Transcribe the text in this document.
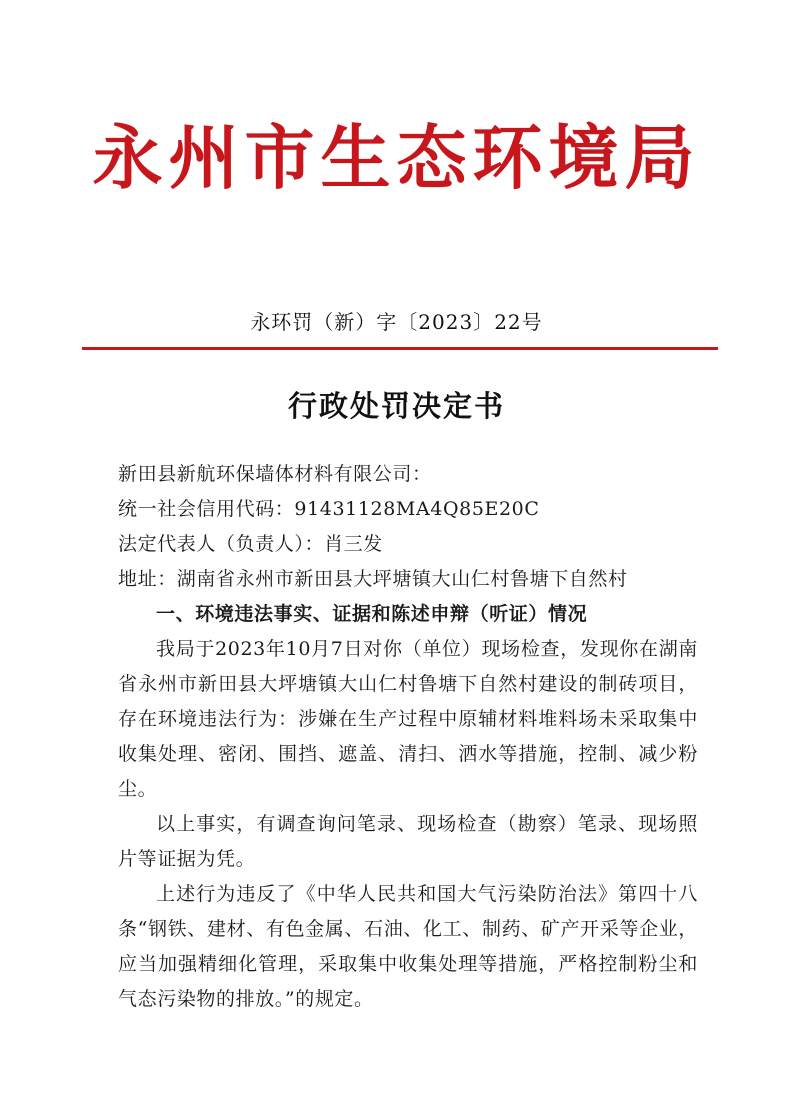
永州市生态环境局
永环罚（新）字〔2023〕22号
行政处罚决定书

新田县新航环保墙体材料有限公司：

统一社会信用代码：91431128MA4Q85E20C

法定代表人（负责人）：肖三发

地址：湖南省永州市新田县大坪塘镇大山仁村鲁塘下自然村

一、环境违法事实、证据和陈述申辩（听证）情况

我局于2023年10月7日对你（单位）现场检查，发现你在湖南省永州市新田县大坪塘镇大山仁村鲁塘下自然村建设的制砖项目，存在环境违法行为：涉嫌在生产过程中原辅材料堆料场未采取集中收集处理、密闭、围挡、遮盖、清扫、洒水等措施，控制、减少粉尘。

以上事实，有调查询问笔录、现场检查（勘察）笔录、现场照片等证据为凭。

上述行为违反了《中华人民共和国大气污染防治法》第四十八条“钢铁、建材、有色金属、石油、化工、制药、矿产开采等企业，应当加强精细化管理，采取集中收集处理等措施，严格控制粉尘和气态污染物的排放。”的规定。
